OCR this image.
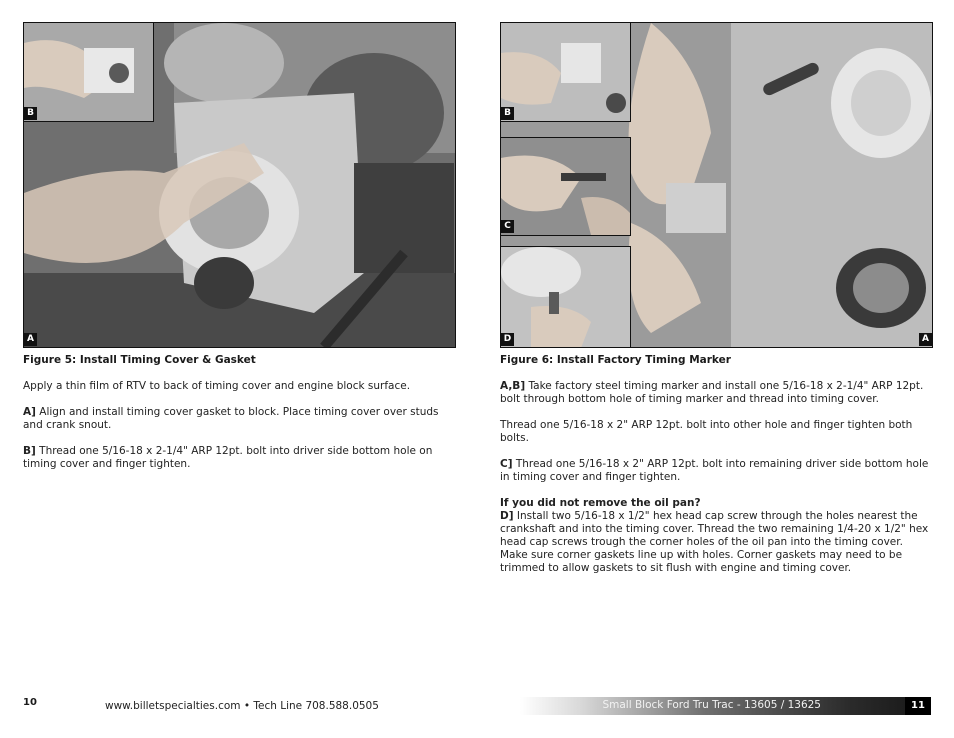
B
A
Figure 5: Install Timing Cover & Gasket

Apply a thin film of RTV to back of timing cover and engine block surface.

A] Align and install timing cover gasket to block. Place timing cover over studs and crank snout.

B] Thread one 5/16-18 x 2-1/4" ARP 12pt. bolt into driver side bottom hole on timing cover and finger tighten.

10	www.billetspecialties.com • Tech Line 708.588.0505
B
C
D	A
Figure 6: Install Factory Timing Marker

A,B] Take factory steel timing marker and install one 5/16-18 x 2-1/4" ARP 12pt. bolt through bottom hole of timing marker and thread into timing cover.

Thread one 5/16-18 x 2" ARP 12pt. bolt into other hole and finger tighten both bolts.

C] Thread one 5/16-18 x 2" ARP 12pt. bolt into remaining driver side bottom hole in timing cover and finger tighten.

If you did not remove the oil pan?

D] Install two 5/16-18 x 1/2" hex head cap screw through the holes nearest the crankshaft and into the timing cover. Thread the two remaining 1/4-20 x 1/2" hex head cap screws trough the corner holes of the oil pan into the timing cover. Make sure corner gaskets line up with holes. Corner gaskets may need to be trimmed to allow gaskets to sit flush with engine and timing cover.

Small Block Ford Tru Trac - 13605 / 13625	11
